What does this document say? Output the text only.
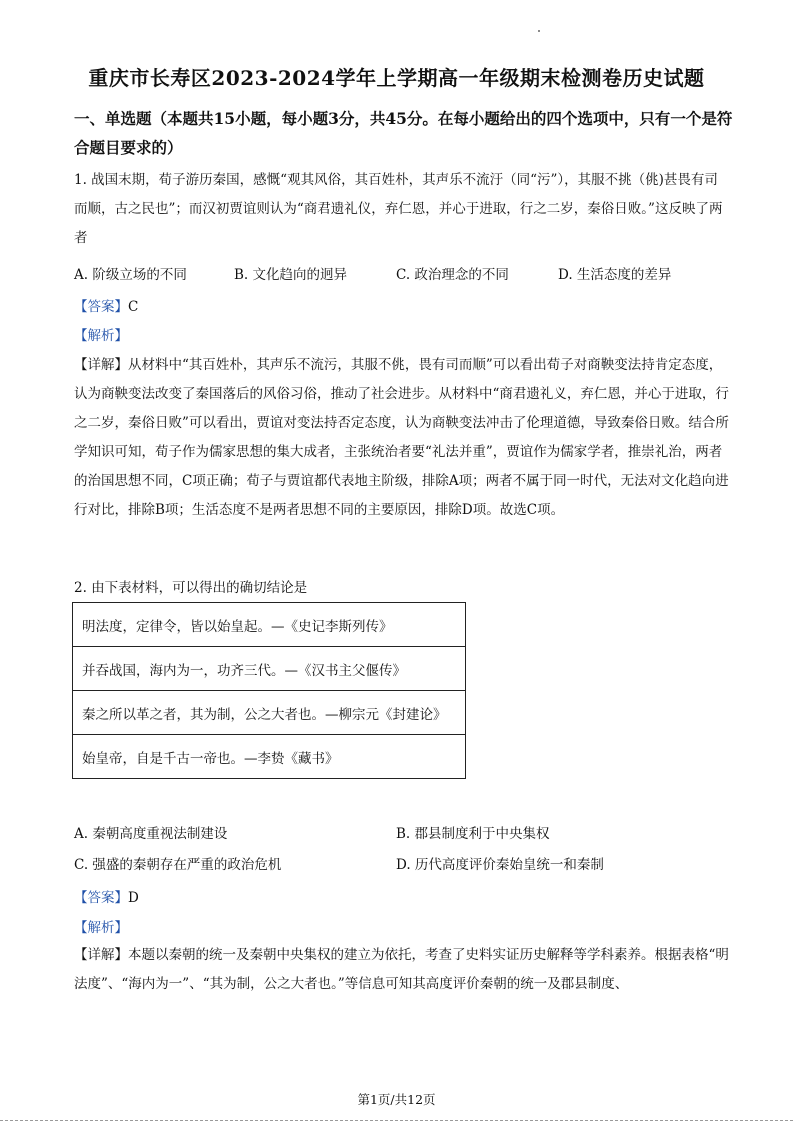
重庆市长寿区2023-2024学年上学期高一年级期末检测卷历史试题
一、单选题（本题共15小题，每小题3分，共45分。在每小题给出的四个选项中，只有一个是符合题目要求的）
1. 战国末期，荀子游历秦国，感慨“观其风俗，其百姓朴，其声乐不流汙（同“污”），其服不挑（佻)甚畏有司而顺，古之民也”；而汉初贾谊则认为“商君遗礼仪，弃仁恩，并心于进取，行之二岁，秦俗日败。”这反映了两者
A. 阶级立场的不同	B. 文化趋向的迥异	C. 政治理念的不同	D. 生活态度的差异
【答案】C
【解析】
【详解】从材料中“其百姓朴，其声乐不流污，其服不佻，畏有司而顺”可以看出荀子对商鞅变法持肯定态度，认为商鞅变法改变了秦国落后的风俗习俗，推动了社会进步。从材料中“商君遗礼义，弃仁恩，并心于进取，行之二岁，秦俗日败”可以看出，贾谊对变法持否定态度，认为商鞅变法冲击了伦理道德，导致秦俗日败。结合所学知识可知，荀子作为儒家思想的集大成者，主张统治者要“礼法并重”，贾谊作为儒家学者，推崇礼治，两者的治国思想不同，C项正确；荀子与贾谊都代表地主阶级，排除A项；两者不属于同一时代，无法对文化趋向进行对比，排除B项；生活态度不是两者思想不同的主要原因，排除D项。故选C项。
2. 由下表材料，可以得出的确切结论是
明法度，定律令，皆以始皇起。—《史记李斯列传》
并吞战国，海内为一，功齐三代。—《汉书主父偃传》
秦之所以革之者，其为制，公之大者也。—柳宗元《封建论》
始皇帝，自是千古一帝也。—李贽《藏书》
A. 秦朝高度重视法制建设	B. 郡县制度利于中央集权
C. 强盛的秦朝存在严重的政治危机	D. 历代高度评价秦始皇统一和秦制
【答案】D
【解析】
【详解】本题以秦朝的统一及秦朝中央集权的建立为依托，考查了史料实证历史解释等学科素养。根据表格“明法度”、“海内为一”、“其为制，公之大者也。”等信息可知其高度评价秦朝的统一及郡县制度、
第1页/共12页
